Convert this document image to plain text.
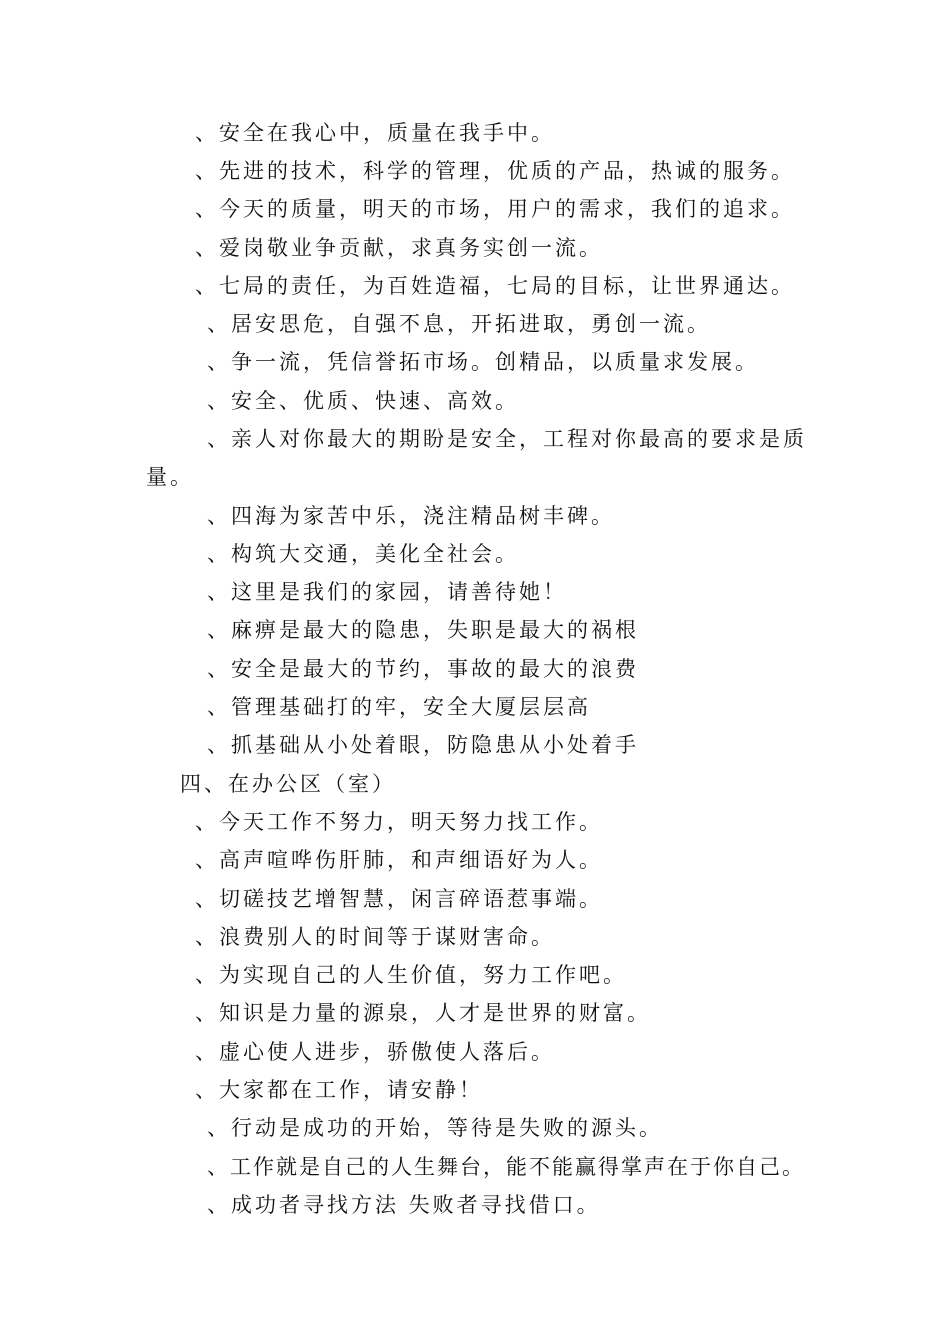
、安全在我心中，质量在我手中。

、先进的技术，科学的管理，优质的产品，热诚的服务。

、今天的质量，明天的市场，用户的需求，我们的追求。

、爱岗敬业争贡献，求真务实创一流。

、七局的责任，为百姓造福，七局的目标，让世界通达。

、居安思危，自强不息，开拓进取，勇创一流。

、争一流，凭信誉拓市场。创精品，以质量求发展。

、安全、优质、快速、高效。

、亲人对你最大的期盼是安全，工程对你最高的要求是质

量。

、四海为家苦中乐，浇注精品树丰碑。

、构筑大交通，美化全社会。

、这里是我们的家园，请善待她！

、麻痹是最大的隐患，失职是最大的祸根

、安全是最大的节约，事故的最大的浪费

、管理基础打的牢，安全大厦层层高

、抓基础从小处着眼，防隐患从小处着手

四、在办公区（室）

、今天工作不努力，明天努力找工作。

、高声喧哗伤肝肺，和声细语好为人。

、切磋技艺增智慧，闲言碎语惹事端。

、浪费别人的时间等于谋财害命。

、为实现自己的人生价值，努力工作吧。

、知识是力量的源泉，人才是世界的财富。

、虚心使人进步，骄傲使人落后。

、大家都在工作，请安静！

、行动是成功的开始，等待是失败的源头。

、工作就是自己的人生舞台，能不能赢得掌声在于你自己。

、成功者寻找方法 失败者寻找借口。
